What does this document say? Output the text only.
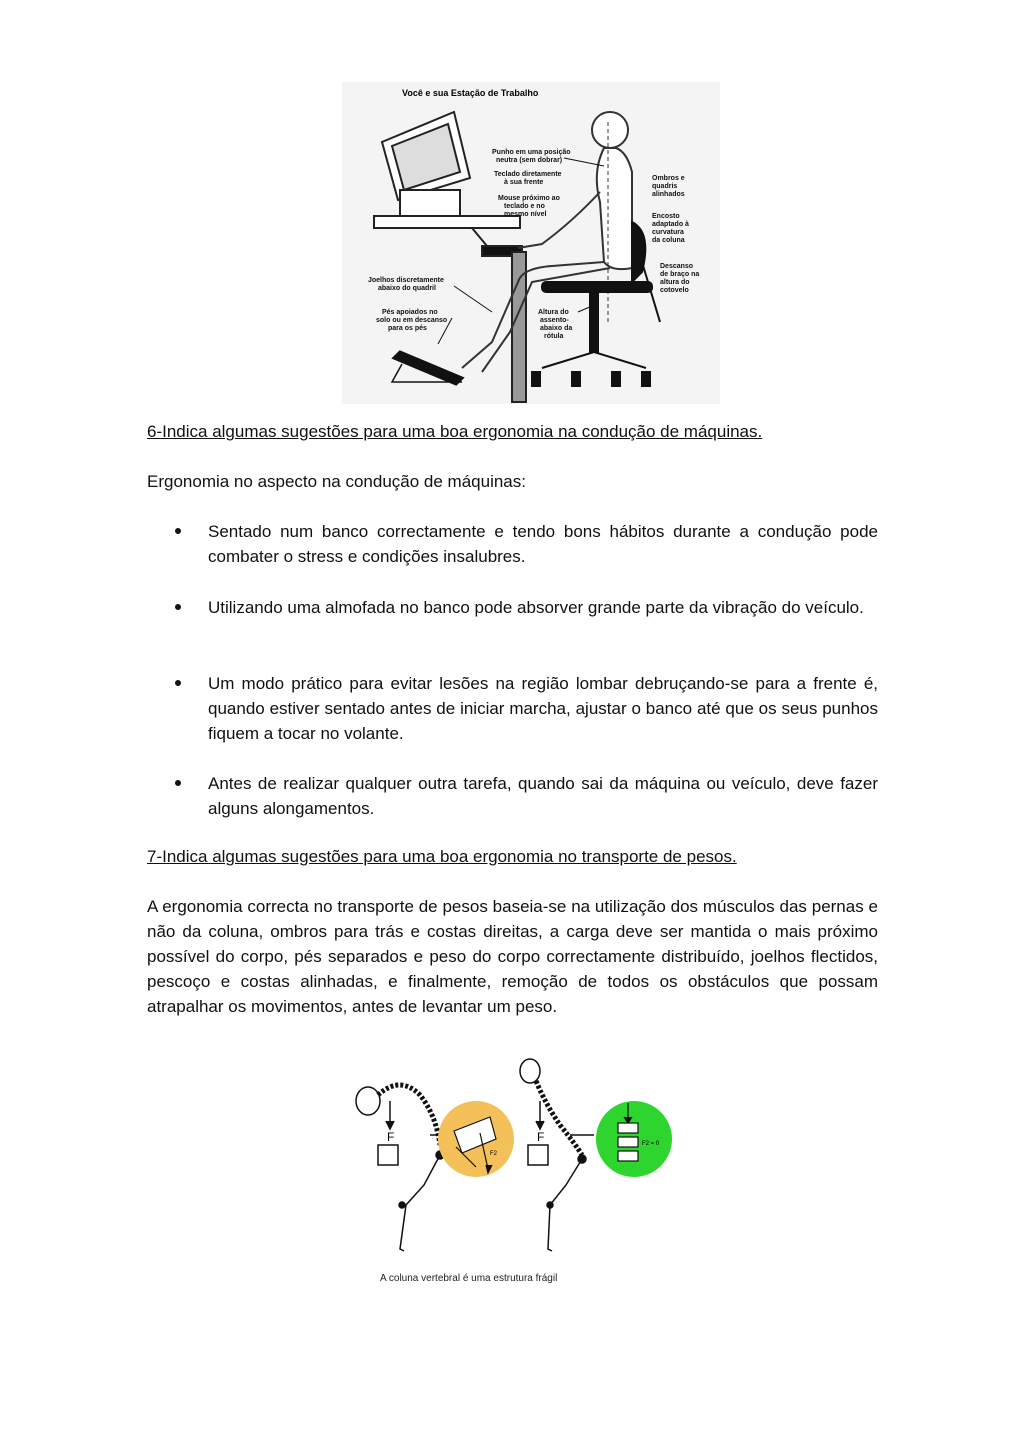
Você e sua Estação de Trabalho
Punho em uma posição neutra (sem dobrar)
Teclado diretamente à sua frente
Mouse próximo ao teclado e no mesmo nível
Ombros e quadris alinhados
Encosto adaptado à curvatura da coluna
Descanso de braço na altura do cotovelo
Joelhos discretamente abaixo do quadril
Pés apoiados no solo ou em descanso para os pés
Altura do assento-abaixo da rótula
6-Indica algumas sugestões para uma boa ergonomia na condução de máquinas.
Ergonomia no aspecto na condução de máquinas:
Sentado num banco correctamente e tendo bons hábitos durante a condução pode combater o stress e condições insalubres.
Utilizando uma almofada no banco pode absorver grande parte da vibração do veículo.
Um modo prático para evitar lesões na região lombar debruçando-se para a frente é, quando estiver sentado antes de iniciar marcha, ajustar o banco até que os seus punhos fiquem a tocar no volante.
Antes de realizar qualquer outra tarefa, quando sai da máquina ou veículo, deve fazer alguns alongamentos.
7-Indica algumas sugestões para uma boa ergonomia no transporte de pesos.
A ergonomia correcta no transporte de pesos baseia-se na utilização dos músculos das pernas e não da coluna, ombros para trás e costas direitas, a carga deve ser mantida o mais próximo possível do corpo, pés separados e peso do corpo correctamente distribuído, joelhos flectidos, pescoço e costas alinhadas, e finalmente, remoção de todos os obstáculos que possam atrapalhar os movimentos, antes de levantar um peso.
F
F2
F	F2 = 0
A coluna vertebral é uma estrutura frágil
